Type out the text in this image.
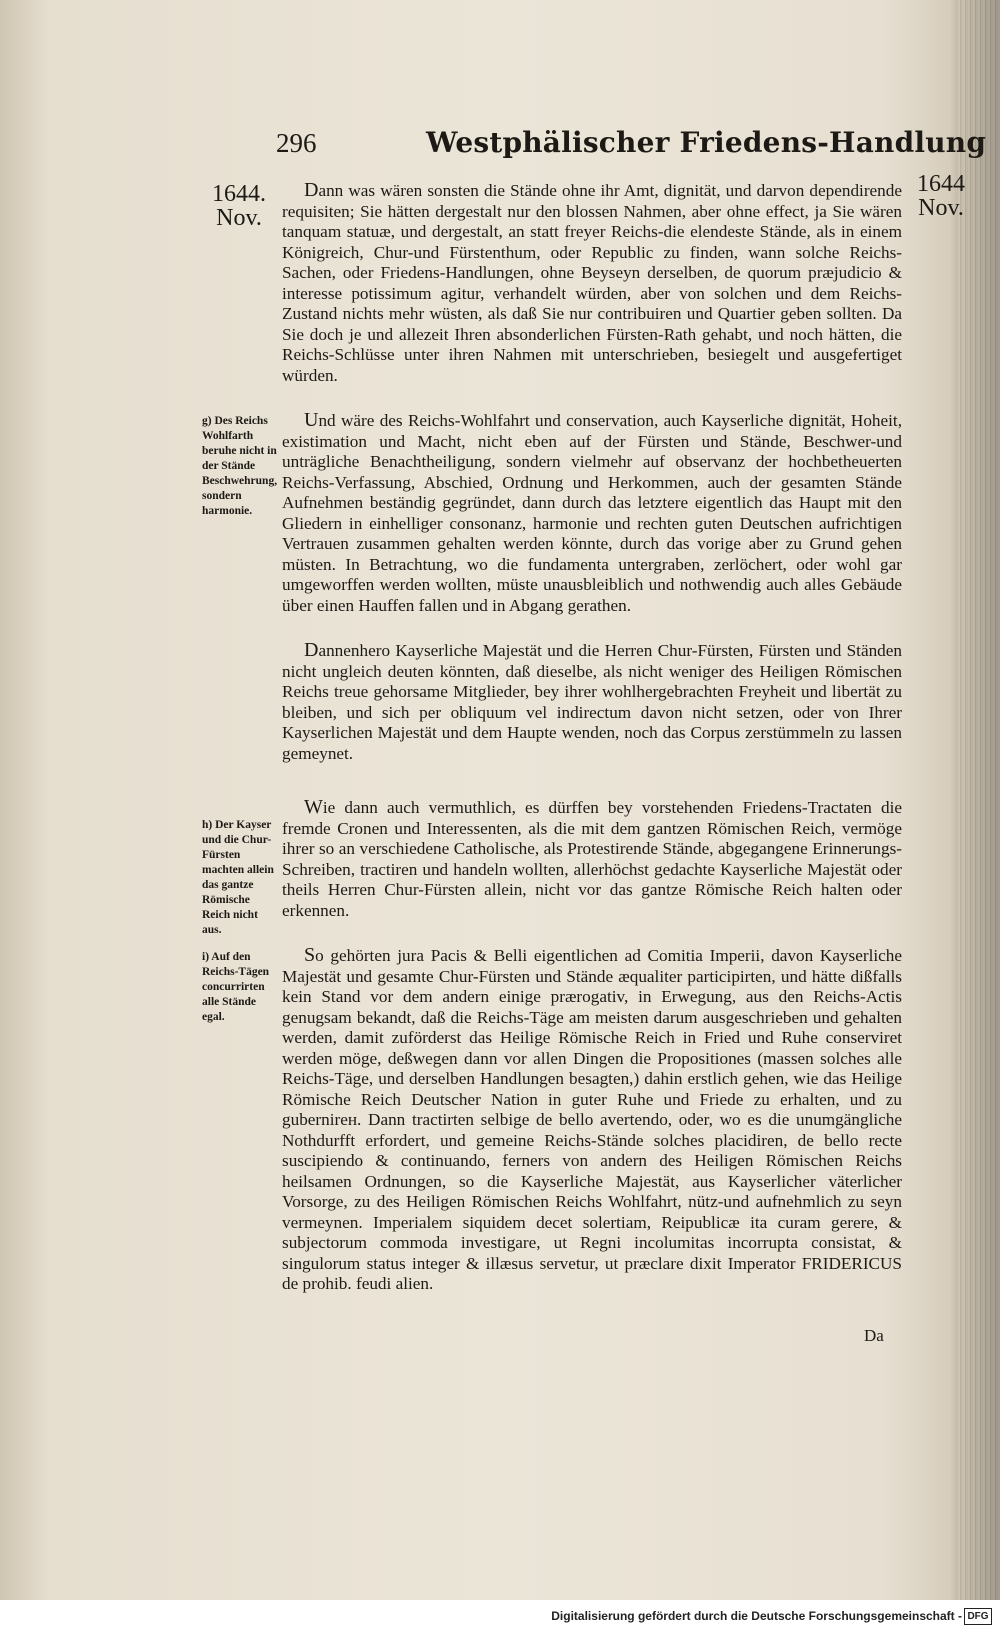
296	Westphälischer Friedens-Handlung
1644.
Nov.
1644
Nov.

Dann was wären sonsten die Stände ohne ihr Amt, dignität, und darvon dependirende requisiten; Sie hätten dergestalt nur den blossen Nahmen, aber ohne effect, ja Sie wären tanquam statuæ, und dergestalt, an statt freyer Reichs-die elendeste Stände, als in einem Königreich, Chur-und Fürstenthum, oder Republic zu finden, wann solche Reichs-Sachen, oder Friedens-Handlungen, ohne Beyseyn derselben, de quorum præjudicio & interesse potissimum agitur, verhandelt würden, aber von solchen und dem Reichs-Zustand nichts mehr wüsten, als daß Sie nur contribuiren und Quartier geben sollten. Da Sie doch je und allezeit Ihren absonderlichen Fürsten-Rath gehabt, und noch hätten, die Reichs-Schlüsse unter ihren Nahmen mit unterschrieben, besiegelt und ausgefertiget würden.

Und wäre des Reichs-Wohlfahrt und conservation, auch Kayserliche dignität, Hoheit, existimation und Macht, nicht eben auf der Fürsten und Stände, Beschwer-und unträgliche Benachtheiligung, sondern vielmehr auf observanz der hochbetheuerten Reichs-Verfassung, Abschied, Ordnung und Herkommen, auch der gesamten Stände Aufnehmen beständig gegründet, dann durch das letztere eigentlich das Haupt mit den Gliedern in einhelliger consonanz, harmonie und rechten guten Deutschen aufrichtigen Vertrauen zusammen gehalten werden könnte, durch das vorige aber zu Grund gehen müsten. In Betrachtung, wo die fundamenta untergraben, zerlöchert, oder wohl gar umgeworffen werden wollten, müste unausbleiblich und nothwendig auch alles Gebäude über einen Hauffen fallen und in Abgang gerathen.

Dannenhero Kayserliche Majestät und die Herren Chur-Fürsten, Fürsten und Ständen nicht ungleich deuten könnten, daß dieselbe, als nicht weniger des Heiligen Römischen Reichs treue gehorsame Mitglieder, bey ihrer wohlhergebrachten Freyheit und libertät zu bleiben, und sich per obliquum vel indirectum davon nicht setzen, oder von Ihrer Kayserlichen Majestät und dem Haupte wenden, noch das Corpus zerstümmeln zu lassen gemeynet.

Wie dann auch vermuthlich, es dürffen bey vorstehenden Friedens-Tractaten die fremde Cronen und Interessenten, als die mit dem gantzen Römischen Reich, vermöge ihrer so an verschiedene Catholische, als Protestirende Stände, abgegangene Erinnerungs-Schreiben, tractiren und handeln wollten, allerhöchst gedachte Kayserliche Majestät oder theils Herren Chur-Fürsten allein, nicht vor das gantze Römische Reich halten oder erkennen.

So gehörten jura Pacis & Belli eigentlichen ad Comitia Imperii, davon Kayserliche Majestät und gesamte Chur-Fürsten und Stände æqualiter participirten, und hätte dißfalls kein Stand vor dem andern einige prærogativ, in Erwegung, aus den Reichs-Actis genugsam bekandt, daß die Reichs-Täge am meisten darum ausgeschrieben und gehalten werden, damit zuförderst das Heilige Römische Reich in Fried und Ruhe conserviret werden möge, deßwegen dann vor allen Dingen die Propositiones (massen solches alle Reichs-Täge, und derselben Handlungen besagten,) dahin erstlich gehen, wie das Heilige Römische Reich Deutscher Nation in guter Ruhe und Friede zu erhalten, und zu gubernirен. Dann tractirten selbige de bello avertendo, oder, wo es die unumgängliche Nothdurfft erfordert, und gemeine Reichs-Stände solches placidiren, de bello recte suscipiendo & continuando, ferners von andern des Heiligen Römischen Reichs heilsamen Ordnungen, so die Kayserliche Majestät, aus Kayserlicher väterlicher Vorsorge, zu des Heiligen Römischen Reichs Wohlfahrt, nütz-und aufnehmlich zu seyn vermeynen. Imperialem siquidem decet solertiam, Reipublicæ ita curam gerere, & subjectorum commoda investigare, ut Regni incolumitas incorrupta consistat, & singulorum status integer & illæsus servetur, ut præclare dixit Imperator FRIDERICUS de prohib. feudi alien.

g) Des Reichs Wohlfarth beruhe nicht in der Stände Beschwehrung, sondern harmonie.
h) Der Kayser und die Chur-Fürsten machten allein das gantze Römische Reich nicht aus.
i) Auf den Reichs-Tägen concurrirten alle Stände egal.
Da
Digitalisierung gefördert durch die Deutsche Forschungsgemeinschaft - DFG
